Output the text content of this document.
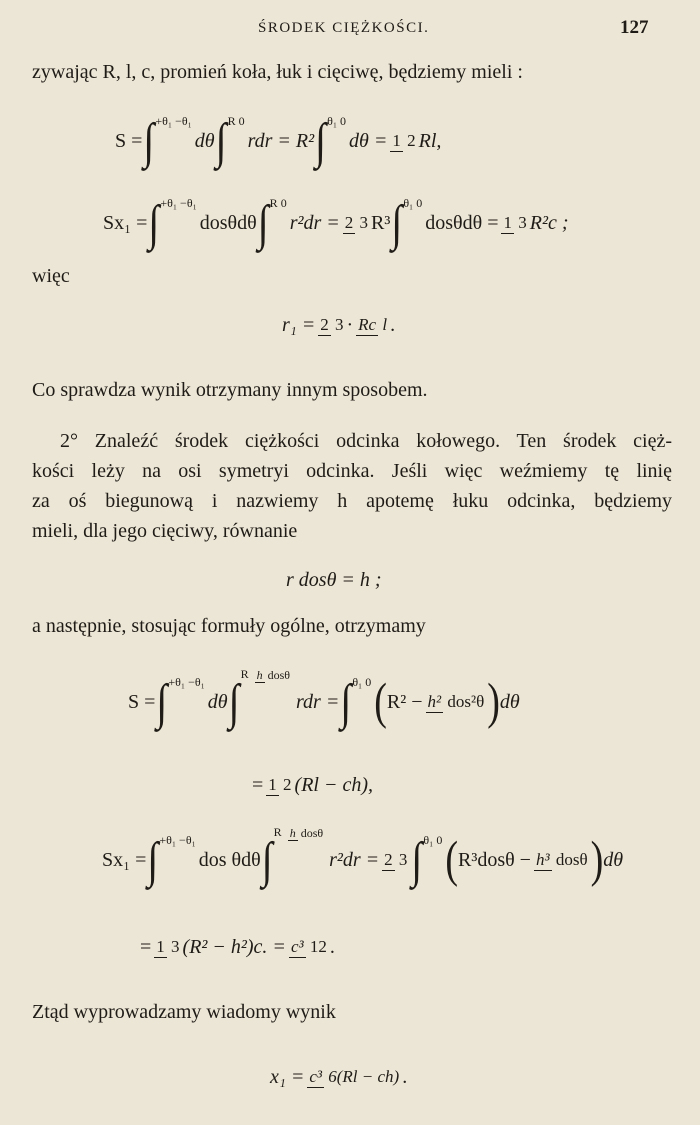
ŚRODEK CIĘŻKOŚCI.	127
zywając R, l, c, promień koła, łuk i cięciwę, będziemy mieli :
S = ∫ +θ₁ −θ₁
dθ ∫ R 0
rdr = R² ∫ θ₁ 0
dθ = 1 2 Rl,
Sx₁ = ∫ +θ₁ −θ₁
dosθdθ ∫ R 0
r²dr = 2 3 R³ ∫ θ₁ 0
dosθdθ = 1 3 R²c ;
więc
r₁ = 2 3 · Rc l .
Co sprawdza wynik otrzymany innym sposobem.
2° Znaleźć środek ciężkości odcinka kołowego. Ten środek cięż-
kości leży na osi symetryi odcinka. Jeśli więc weźmiemy tę linię
za oś biegunową i nazwiemy h apotemę łuku odcinka, będziemy
mieli, dla jego cięciwy, równanie
r dosθ = h ;
a następnie, stosując formuły ogólne, otrzymamy
S = ∫ +θ₁ −θ₁
dθ ∫ R h dosθ
rdr = ∫ θ₁ 0 ( R² − h² dos²θ ) dθ
= 1 2 (Rl − ch),
Sx₁ = ∫ +θ₁ −θ₁
dos θdθ ∫ R h dosθ
r²dr = 2 3 ∫ θ₁ 0 ( R³dosθ − h³ dosθ ) dθ
= 1 3 (R² − h²)c. = c³ 12 .
Ztąd wyprowadzamy wiadomy wynik
x₁ = c³ 6(Rl − ch) .
